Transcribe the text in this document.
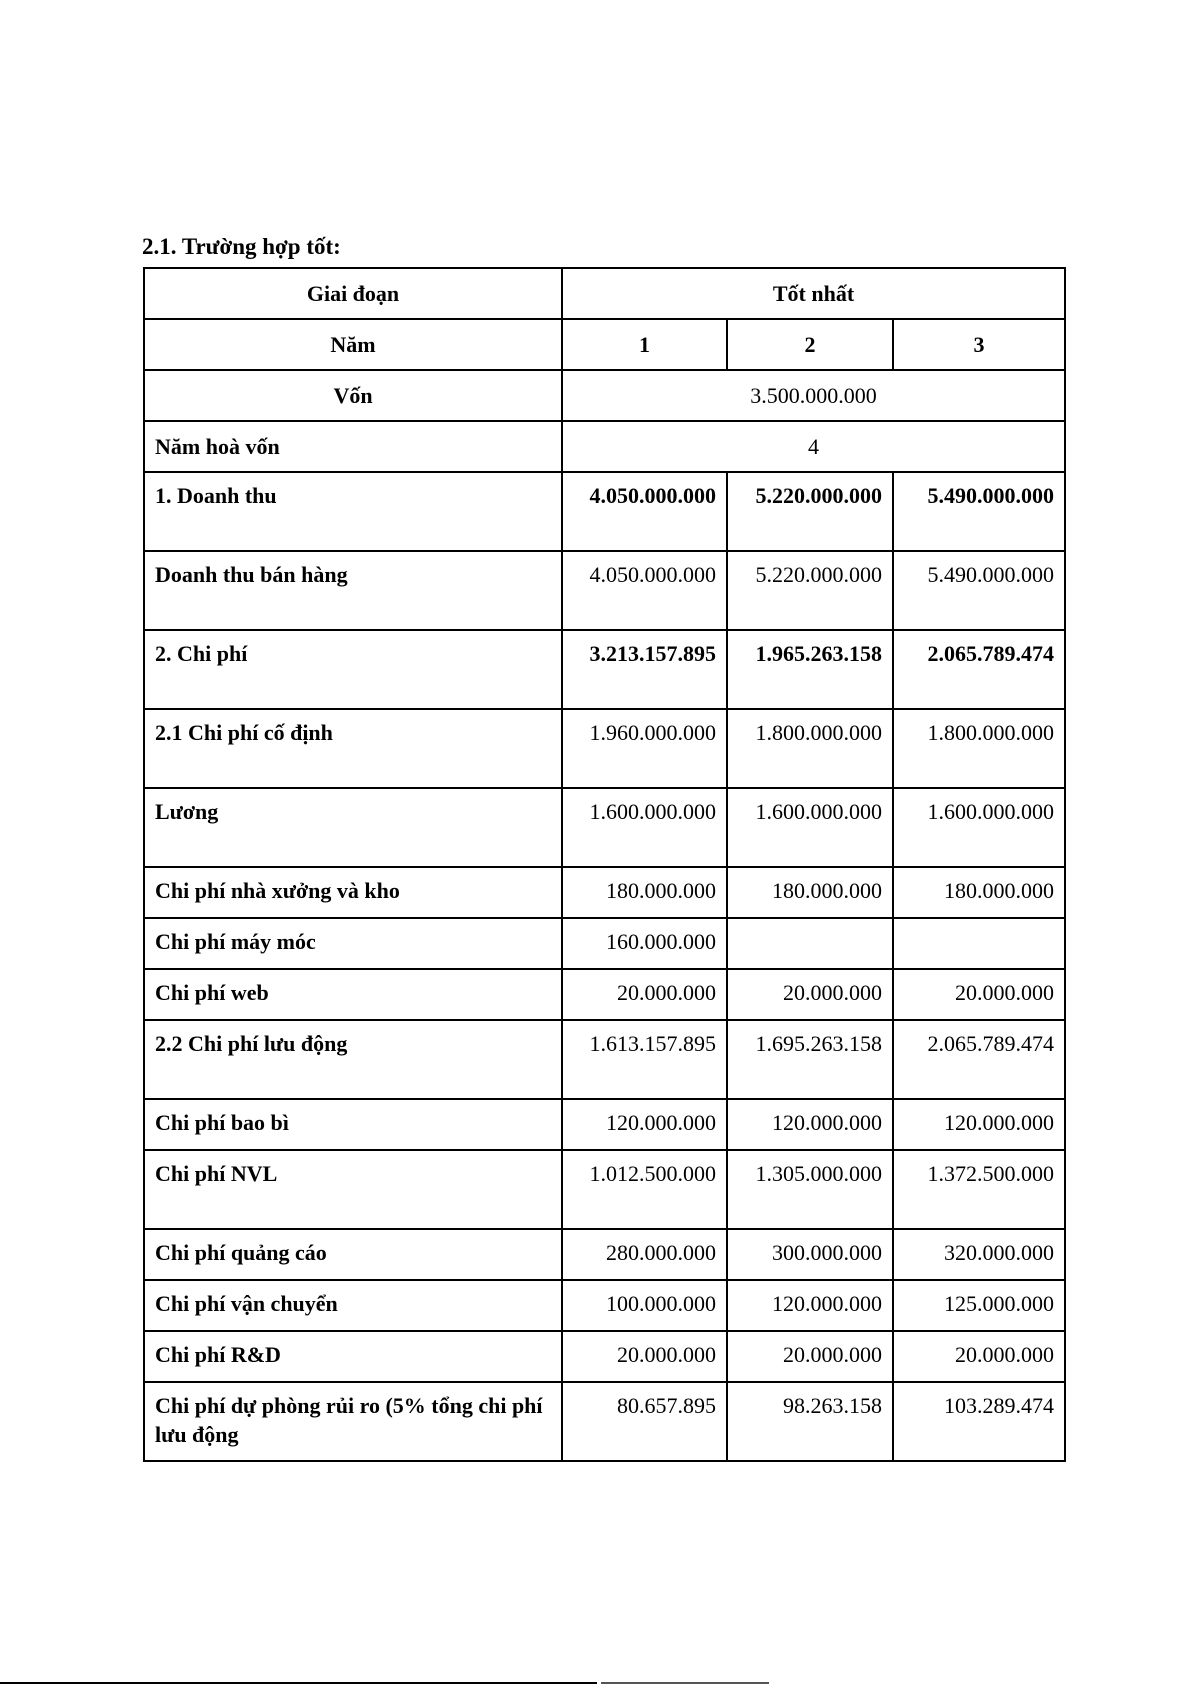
2.1. Trường hợp tốt:
Giai đoạn	Tốt nhất		
Năm	1	2	3
Vốn	3.500.000.000		
Năm hoà vốn	4		
1. Doanh thu	4.050.000.000	5.220.000.000	5.490.000.000
Doanh thu bán hàng	4.050.000.000	5.220.000.000	5.490.000.000
2. Chi phí	3.213.157.895	1.965.263.158	2.065.789.474
2.1 Chi phí cố định	1.960.000.000	1.800.000.000	1.800.000.000
Lương	1.600.000.000	1.600.000.000	1.600.000.000
Chi phí nhà xưởng và kho	180.000.000	180.000.000	180.000.000
Chi phí máy móc	160.000.000		
Chi phí web	20.000.000	20.000.000	20.000.000
2.2 Chi phí lưu động	1.613.157.895	1.695.263.158	2.065.789.474
Chi phí bao bì	120.000.000	120.000.000	120.000.000
Chi phí NVL	1.012.500.000	1.305.000.000	1.372.500.000
Chi phí quảng cáo	280.000.000	300.000.000	320.000.000
Chi phí vận chuyển	100.000.000	120.000.000	125.000.000
Chi phí R&D	20.000.000	20.000.000	20.000.000
Chi phí dự phòng rủi ro (5% tổng chi phí lưu động	80.657.895	98.263.158	103.289.474
